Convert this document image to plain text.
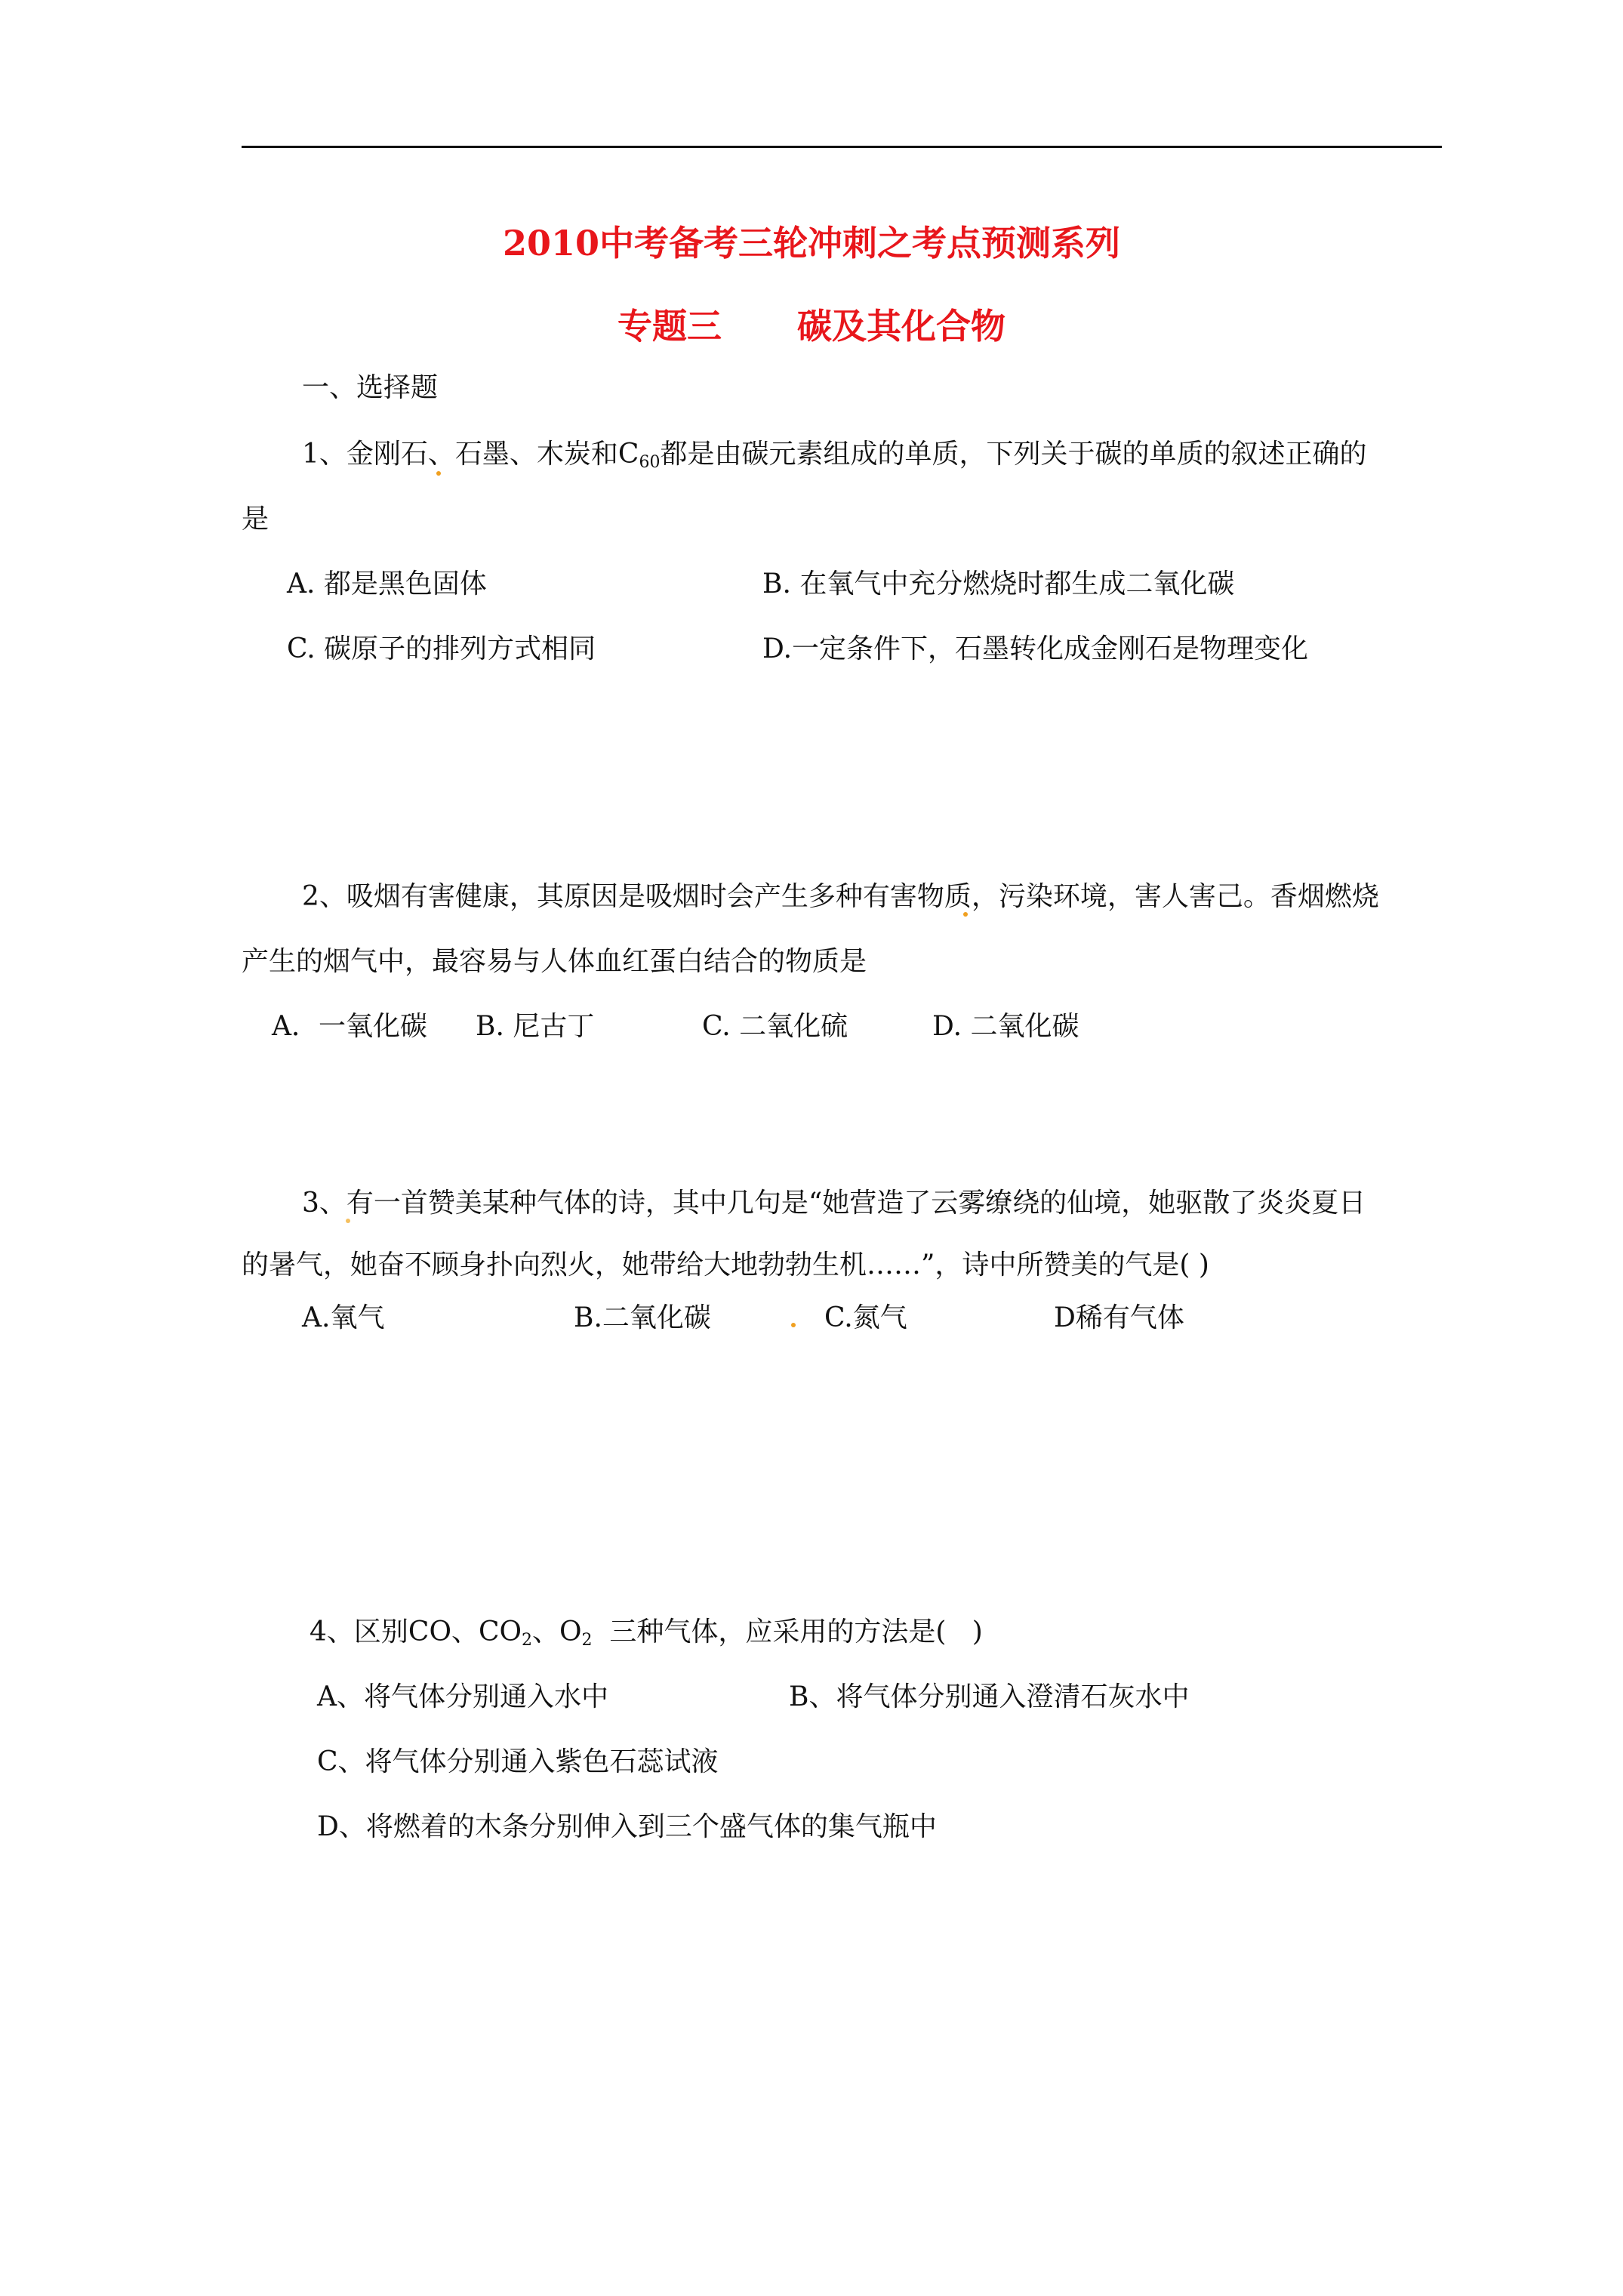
2010中考备考三轮冲刺之考点预测系列
专题三 碳及其化合物
一、选择题
1、金刚石、石墨、木炭和$C_{60}$都是由碳元素组成的单质，下列关于碳的单质的叙述正确的
是
A. 都是黑色固体	B. 在氧气中充分燃烧时都生成二氧化碳
C. 碳原子的排列方式相同	D.一定条件下，石墨转化成金刚石是物理变化
2、吸烟有害健康，其原因是吸烟时会产生多种有害物质，污染环境，害人害己。香烟燃烧
产生的烟气中，最容易与人体血红蛋白结合的物质是
A．一氧化碳 B. 尼古丁	C. 二氧化硫	D. 二氧化碳
3、有一首赞美某种气体的诗，其中几句是“她营造了云雾缭绕的仙境，她驱散了炎炎夏日
的暑气，她奋不顾身扑向烈火，她带给大地勃勃生机……”，诗中所赞美的气是( )
A.氧气	B.二氧化碳	C.氮气	D稀有气体
4、区别CO、$CO_2$、$O_2$  三种气体，应采用的方法是(   )
A、将气体分别通入水中	B、将气体分别通入澄清石灰水中
C、将气体分别通入紫色石蕊试液
D、将燃着的木条分别伸入到三个盛气体的集气瓶中
